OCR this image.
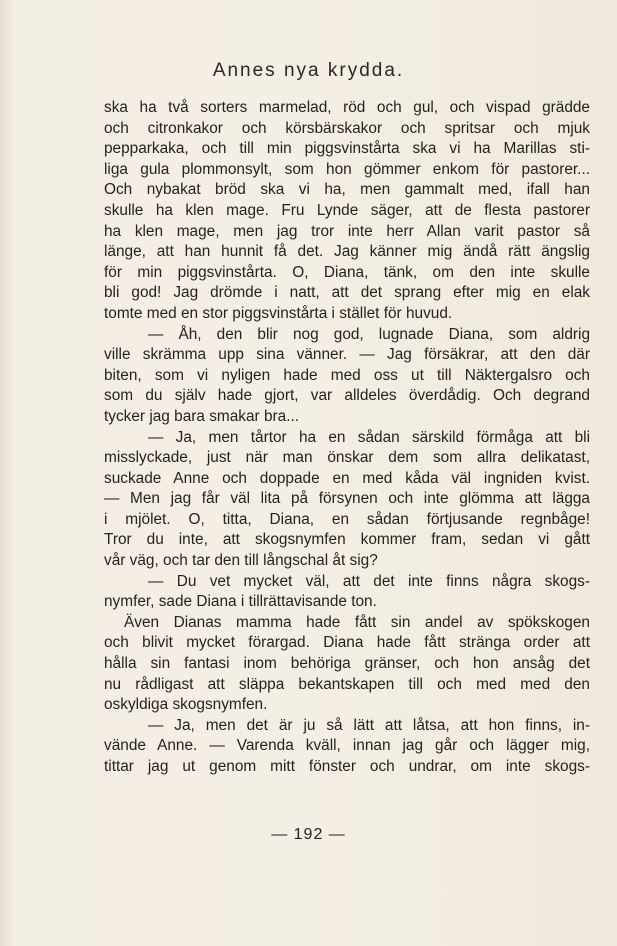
Annes nya krydda.
ska ha två sorters marmelad, röd och gul, och vispad grädde
och citronkakor och körsbärskakor och spritsar och mjuk
pepparkaka, och till min piggsvinstårta ska vi ha Marillas sti-
liga gula plommonsylt, som hon gömmer enkom för pastorer...
Och nybakat bröd ska vi ha, men gammalt med, ifall han
skulle ha klen mage. Fru Lynde säger, att de flesta pastorer
ha klen mage, men jag tror inte herr Allan varit pastor så
länge, att han hunnit få det. Jag känner mig ändå rätt ängslig
för min piggsvinstårta. O, Diana, tänk, om den inte skulle
bli god! Jag drömde i natt, att det sprang efter mig en elak
tomte med en stor piggsvinstårta i stället för huvud.
— Åh, den blir nog god, lugnade Diana, som aldrig
ville skrämma upp sina vänner. — Jag försäkrar, att den där
biten, som vi nyligen hade med oss ut till Näktergalsro och
som du själv hade gjort, var alldeles överdådig. Och degrand
tycker jag bara smakar bra...
— Ja, men tårtor ha en sådan särskild förmåga att bli
misslyckade, just när man önskar dem som allra delikatast,
suckade Anne och doppade en med kåda väl ingniden kvist.
— Men jag får väl lita på försynen och inte glömma att lägga
i mjölet. O, titta, Diana, en sådan förtjusande regnbåge!
Tror du inte, att skogsnymfen kommer fram, sedan vi gått
vår väg, och tar den till långschal åt sig?
— Du vet mycket väl, att det inte finns några skogs-
nymfer, sade Diana i tillrättavisande ton.
Även Dianas mamma hade fått sin andel av spökskogen
och blivit mycket förargad. Diana hade fått stränga order att
hålla sin fantasi inom behöriga gränser, och hon ansåg det
nu rådligast att släppa bekantskapen till och med med den
oskyldiga skogsnymfen.
— Ja, men det är ju så lätt att låtsa, att hon finns, in-
vände Anne. — Varenda kväll, innan jag går och lägger mig,
tittar jag ut genom mitt fönster och undrar, om inte skogs-
— 192 —
